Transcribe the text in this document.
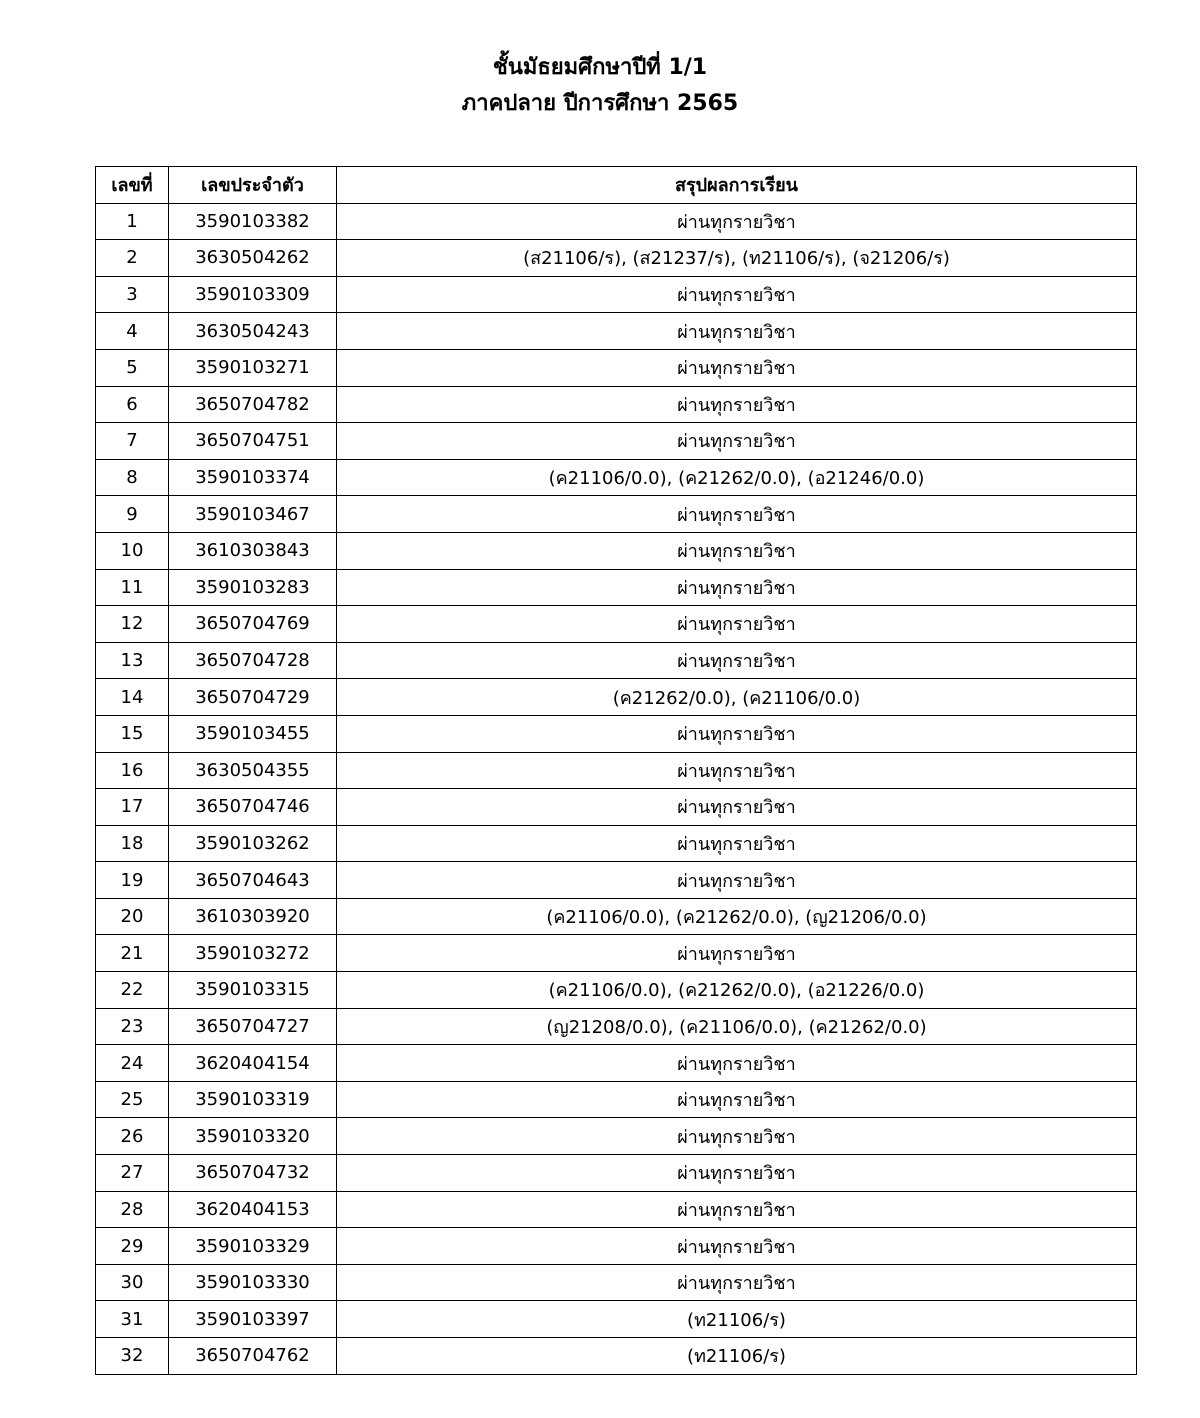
ชั้นมัธยมศึกษาปีที่ 1/1
ภาคปลาย ปีการศึกษา 2565
เลขที่	เลขประจำตัว	สรุปผลการเรียน
1	3590103382	ผ่านทุกรายวิชา
2	3630504262	(ส21106/ร), (ส21237/ร), (ท21106/ร), (จ21206/ร)
3	3590103309	ผ่านทุกรายวิชา
4	3630504243	ผ่านทุกรายวิชา
5	3590103271	ผ่านทุกรายวิชา
6	3650704782	ผ่านทุกรายวิชา
7	3650704751	ผ่านทุกรายวิชา
8	3590103374	(ค21106/0.0), (ค21262/0.0), (อ21246/0.0)
9	3590103467	ผ่านทุกรายวิชา
10	3610303843	ผ่านทุกรายวิชา
11	3590103283	ผ่านทุกรายวิชา
12	3650704769	ผ่านทุกรายวิชา
13	3650704728	ผ่านทุกรายวิชา
14	3650704729	(ค21262/0.0), (ค21106/0.0)
15	3590103455	ผ่านทุกรายวิชา
16	3630504355	ผ่านทุกรายวิชา
17	3650704746	ผ่านทุกรายวิชา
18	3590103262	ผ่านทุกรายวิชา
19	3650704643	ผ่านทุกรายวิชา
20	3610303920	(ค21106/0.0), (ค21262/0.0), (ญ21206/0.0)
21	3590103272	ผ่านทุกรายวิชา
22	3590103315	(ค21106/0.0), (ค21262/0.0), (อ21226/0.0)
23	3650704727	(ญ21208/0.0), (ค21106/0.0), (ค21262/0.0)
24	3620404154	ผ่านทุกรายวิชา
25	3590103319	ผ่านทุกรายวิชา
26	3590103320	ผ่านทุกรายวิชา
27	3650704732	ผ่านทุกรายวิชา
28	3620404153	ผ่านทุกรายวิชา
29	3590103329	ผ่านทุกรายวิชา
30	3590103330	ผ่านทุกรายวิชา
31	3590103397	(ท21106/ร)
32	3650704762	(ท21106/ร)
